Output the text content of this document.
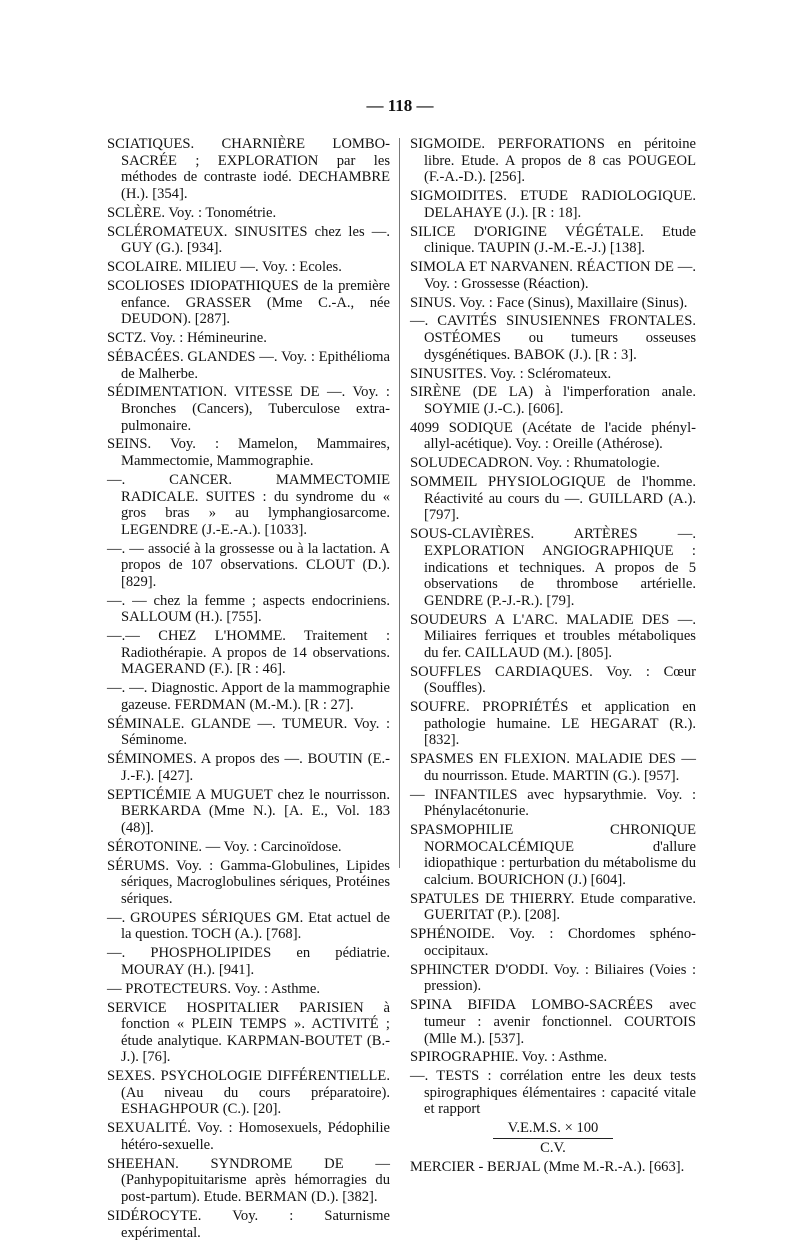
— 118 —

SCIATIQUES. CHARNIÈRE LOMBO-SACRÉE ; EXPLORATION par les méthodes de contraste iodé. DECHAMBRE (H.). [354].

SCLÈRE. Voy. : Tonométrie.

SCLÉROMATEUX. SINUSITES chez les —. GUY (G.). [934].

SCOLAIRE. MILIEU —. Voy. : Ecoles.

SCOLIOSES IDIOPATHIQUES de la première enfance. GRASSER (Mme C.-A., née DEUDON). [287].

SCTZ. Voy. : Hémineurine.

SÉBACÉES. GLANDES —. Voy. : Epithélioma de Malherbe.

SÉDIMENTATION. VITESSE DE —. Voy. : Bronches (Cancers), Tuberculose extra-pulmonaire.

SEINS. Voy. : Mamelon, Mammaires, Mammectomie, Mammographie.

—. CANCER. MAMMECTOMIE RADICALE. SUITES : du syndrome du « gros bras » au lymphangiosarcome. LEGENDRE (J.-E.-A.). [1033].

—. — associé à la grossesse ou à la lactation. A propos de 107 observations. CLOUT (D.). [829].

—. — chez la femme ; aspects endocriniens. SALLOUM (H.). [755].

—.— CHEZ L'HOMME. Traitement : Radiothérapie. A propos de 14 observations. MAGERAND (F.). [R : 46].

—. —. Diagnostic. Apport de la mammographie gazeuse. FERDMAN (M.-M.). [R : 27].

SÉMINALE. GLANDE —. TUMEUR. Voy. : Séminome.

SÉMINOMES. A propos des —. BOUTIN (E.-J.-F.). [427].

SEPTICÉMIE A MUGUET chez le nourrisson. BERKARDA (Mme N.). [A. E., Vol. 183 (48)].

SÉROTONINE. — Voy. : Carcinoïdose.

SÉRUMS. Voy. : Gamma-Globulines, Lipides sériques, Macroglobulines sériques, Protéines sériques.

—. GROUPES SÉRIQUES GM. Etat actuel de la question. TOCH (A.). [768].

—. PHOSPHOLIPIDES en pédiatrie. MOURAY (H.). [941].

— PROTECTEURS. Voy. : Asthme.

SERVICE HOSPITALIER PARISIEN à fonction « PLEIN TEMPS ». ACTIVITÉ ; étude analytique. KARPMAN-BOUTET (B.-J.). [76].

SEXES. PSYCHOLOGIE DIFFÉRENTIELLE. (Au niveau du cours préparatoire). ESHAGHPOUR (C.). [20].

SEXUALITÉ. Voy. : Homosexuels, Pédophilie hétéro-sexuelle.

SHEEHAN. SYNDROME DE — (Panhypopituitarisme après hémorragies du post-partum). Etude. BERMAN (D.). [382].

SIDÉROCYTE. Voy. : Saturnisme expérimental.

SIGMOIDE. PERFORATIONS en péritoine libre. Etude. A propos de 8 cas POUGEOL (F.-A.-D.). [256].

SIGMOIDITES. ETUDE RADIOLOGIQUE. DELAHAYE (J.). [R : 18].

SILICE D'ORIGINE VÉGÉTALE. Etude clinique. TAUPIN (J.-M.-E.-J.) [138].

SIMOLA ET NARVANEN. RÉACTION DE —. Voy. : Grossesse (Réaction).

SINUS. Voy. : Face (Sinus), Maxillaire (Sinus).

—. CAVITÉS SINUSIENNES FRONTALES. OSTÉOMES ou tumeurs osseuses dysgénétiques. BABOK (J.). [R : 3].

SINUSITES. Voy. : Scléromateux.

SIRÈNE (DE LA) à l'imperforation anale. SOYMIE (J.-C.). [606].

4099 SODIQUE (Acétate de l'acide phényl-allyl-acétique). Voy. : Oreille (Athérose).

SOLUDECADRON. Voy. : Rhumatologie.

SOMMEIL PHYSIOLOGIQUE de l'homme. Réactivité au cours du —. GUILLARD (A.). [797].

SOUS-CLAVIÈRES. ARTÈRES —. EXPLORATION ANGIOGRAPHIQUE : indications et techniques. A propos de 5 observations de thrombose artérielle. GENDRE (P.-J.-R.). [79].

SOUDEURS A L'ARC. MALADIE DES —. Miliaires ferriques et troubles métaboliques du fer. CAILLAUD (M.). [805].

SOUFFLES CARDIAQUES. Voy. : Cœur (Souffles).

SOUFRE. PROPRIÉTÉS et application en pathologie humaine. LE HEGARAT (R.). [832].

SPASMES EN FLEXION. MALADIE DES — du nourrisson. Etude. MARTIN (G.). [957].

— INFANTILES avec hypsarythmie. Voy. : Phénylacétonurie.

SPASMOPHILIE CHRONIQUE NORMOCALCÉMIQUE d'allure idiopathique : perturbation du métabolisme du calcium. BOURICHON (J.) [604].

SPATULES DE THIERRY. Etude comparative. GUERITAT (P.). [208].

SPHÉNOIDE. Voy. : Chordomes sphéno-occipitaux.

SPHINCTER D'ODDI. Voy. : Biliaires (Voies : pression).

SPINA BIFIDA LOMBO-SACRÉES avec tumeur : avenir fonctionnel. COURTOIS (Mlle M.). [537].

SPIROGRAPHIE. Voy. : Asthme.

—. TESTS : corrélation entre les deux tests spirographiques élémentaires : capacité vitale et rapport

V.E.M.S. × 100

C.V.

MERCIER - BERJAL (Mme M.-R.-A.). [663].
